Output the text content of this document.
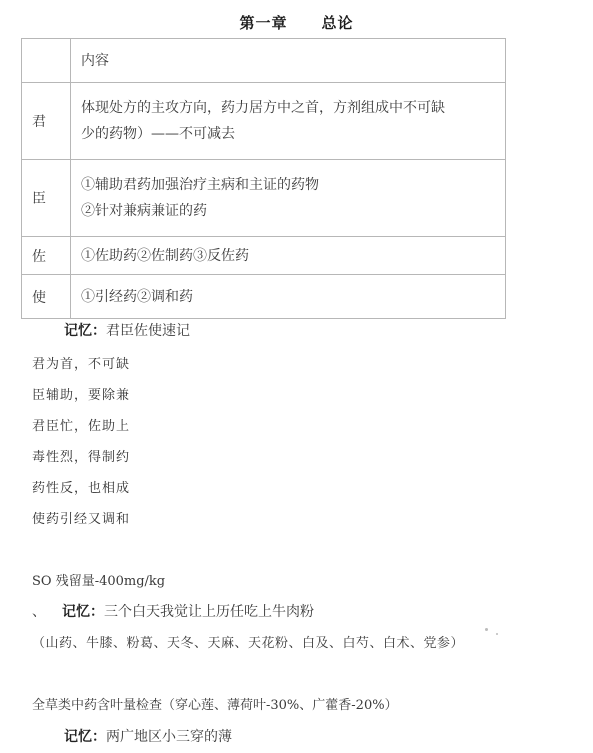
第一章 总论
	内容
君	体现处方的主攻方向，药力居方中之首，方剂组成中不可缺
少的药物）——不可减去

臣	①辅助君药加强治疗主病和主证的药物
②针对兼病兼证的药

佐	①佐助药②佐制药③反佐药

使	①引经药②调和药
记忆：君臣佐使速记
君为首，不可缺
臣辅助，要除兼
君臣忙，佐助上
毒性烈，得制约
药性反，也相成
使药引经又调和
SO 残留量-400mg/kg
、 记忆：三个白天我觉让上历任吃上牛肉粉
（山药、牛膝、粉葛、天冬、天麻、天花粉、白及、白芍、白术、党参）
全草类中药含叶量检查（穿心莲、薄荷叶-30%、广藿香-20%）
记忆：两广地区小三穿的薄
